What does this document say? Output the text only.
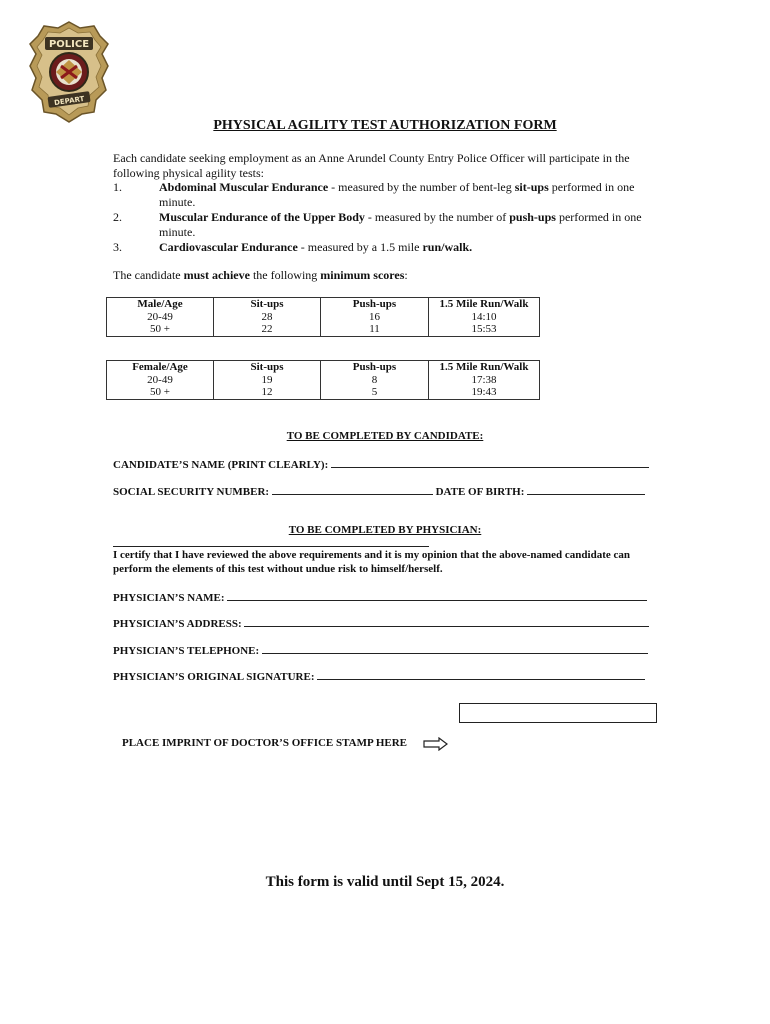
POLICE
DEPART
PHYSICAL AGILITY TEST AUTHORIZATION FORM
Each candidate seeking employment as an Anne Arundel County Entry Police Officer will participate in the following physical agility tests:
1.	Abdominal Muscular Endurance - measured by the number of bent-leg sit-ups performed in one minute.
2.	Muscular Endurance of the Upper Body - measured by the number of push-ups performed in one minute.
3.	Cardiovascular Endurance - measured by a 1.5 mile run/walk.
The candidate must achieve the following minimum scores:
Male/Age	Sit-ups	Push-ups	1.5 Mile Run/Walk
20-49	28	16	14:10
50 +	22	11	15:53
Female/Age	Sit-ups	Push-ups	1.5 Mile Run/Walk
20-49	19	8	17:38
50 +	12	5	19:43
TO BE COMPLETED BY CANDIDATE:
CANDIDATE’S NAME (PRINT CLEARLY):
SOCIAL SECURITY NUMBER:	DATE OF BIRTH:
TO BE COMPLETED BY PHYSICIAN:
I certify that I have reviewed the above requirements and it is my opinion that the above-named candidate can perform the elements of this test without undue risk to himself/herself.
PHYSICIAN’S NAME:
PHYSICIAN’S ADDRESS:
PHYSICIAN’S TELEPHONE:
PHYSICIAN’S ORIGINAL SIGNATURE:
PLACE IMPRINT OF DOCTOR’S OFFICE STAMP HERE
This form is valid until Sept 15, 2024.
